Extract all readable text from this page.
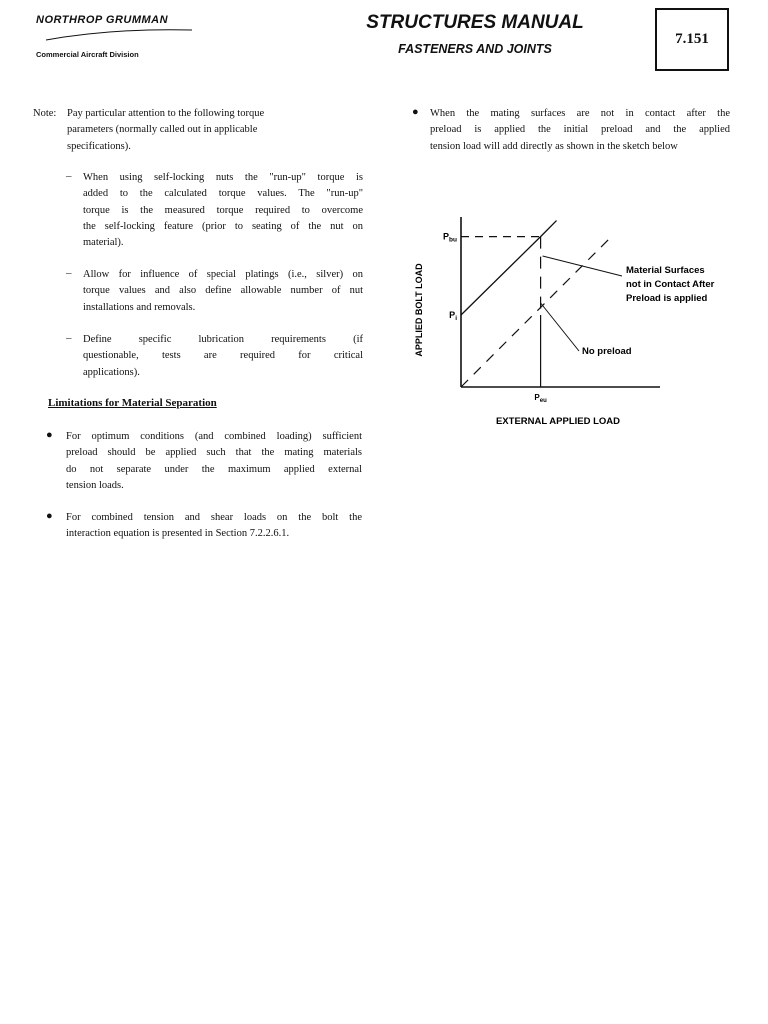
NORTHROP GRUMMAN
Commercial Aircraft Division
STRUCTURES MANUAL
FASTENERS AND JOINTS
7.151
Note: Pay particular attention to the following torque
parameters (normally called out in applicable
specifications).
– When using self-locking nuts the "run-up" torque is
added to the calculated torque values. The "run-up"
torque is the measured torque required to overcome
the self-locking feature (prior to seating of the nut on
material).
– Allow for influence of special platings (i.e., silver) on
torque values and also define allowable number of nut
installations and removals.
– Define specific lubrication requirements (if
questionable, tests are required for critical
applications).
Limitations for Material Separation
● For optimum conditions (and combined loading) sufficient
preload should be applied such that the mating materials
do not separate under the maximum applied external
tension loads.
● For combined tension and shear loads on the bolt the
interaction equation is presented in Section 7.2.2.6.1.
● When the mating surfaces are not in contact after the
preload is applied the initial preload and the applied
tension load will add directly as shown in the sketch below
$P_{bu}$
$P_i$
$P_{eu}$
APPLIED BOLT LOAD
EXTERNAL APPLIED LOAD
Material Surfaces not in Contact After Preload is applied
No preload
